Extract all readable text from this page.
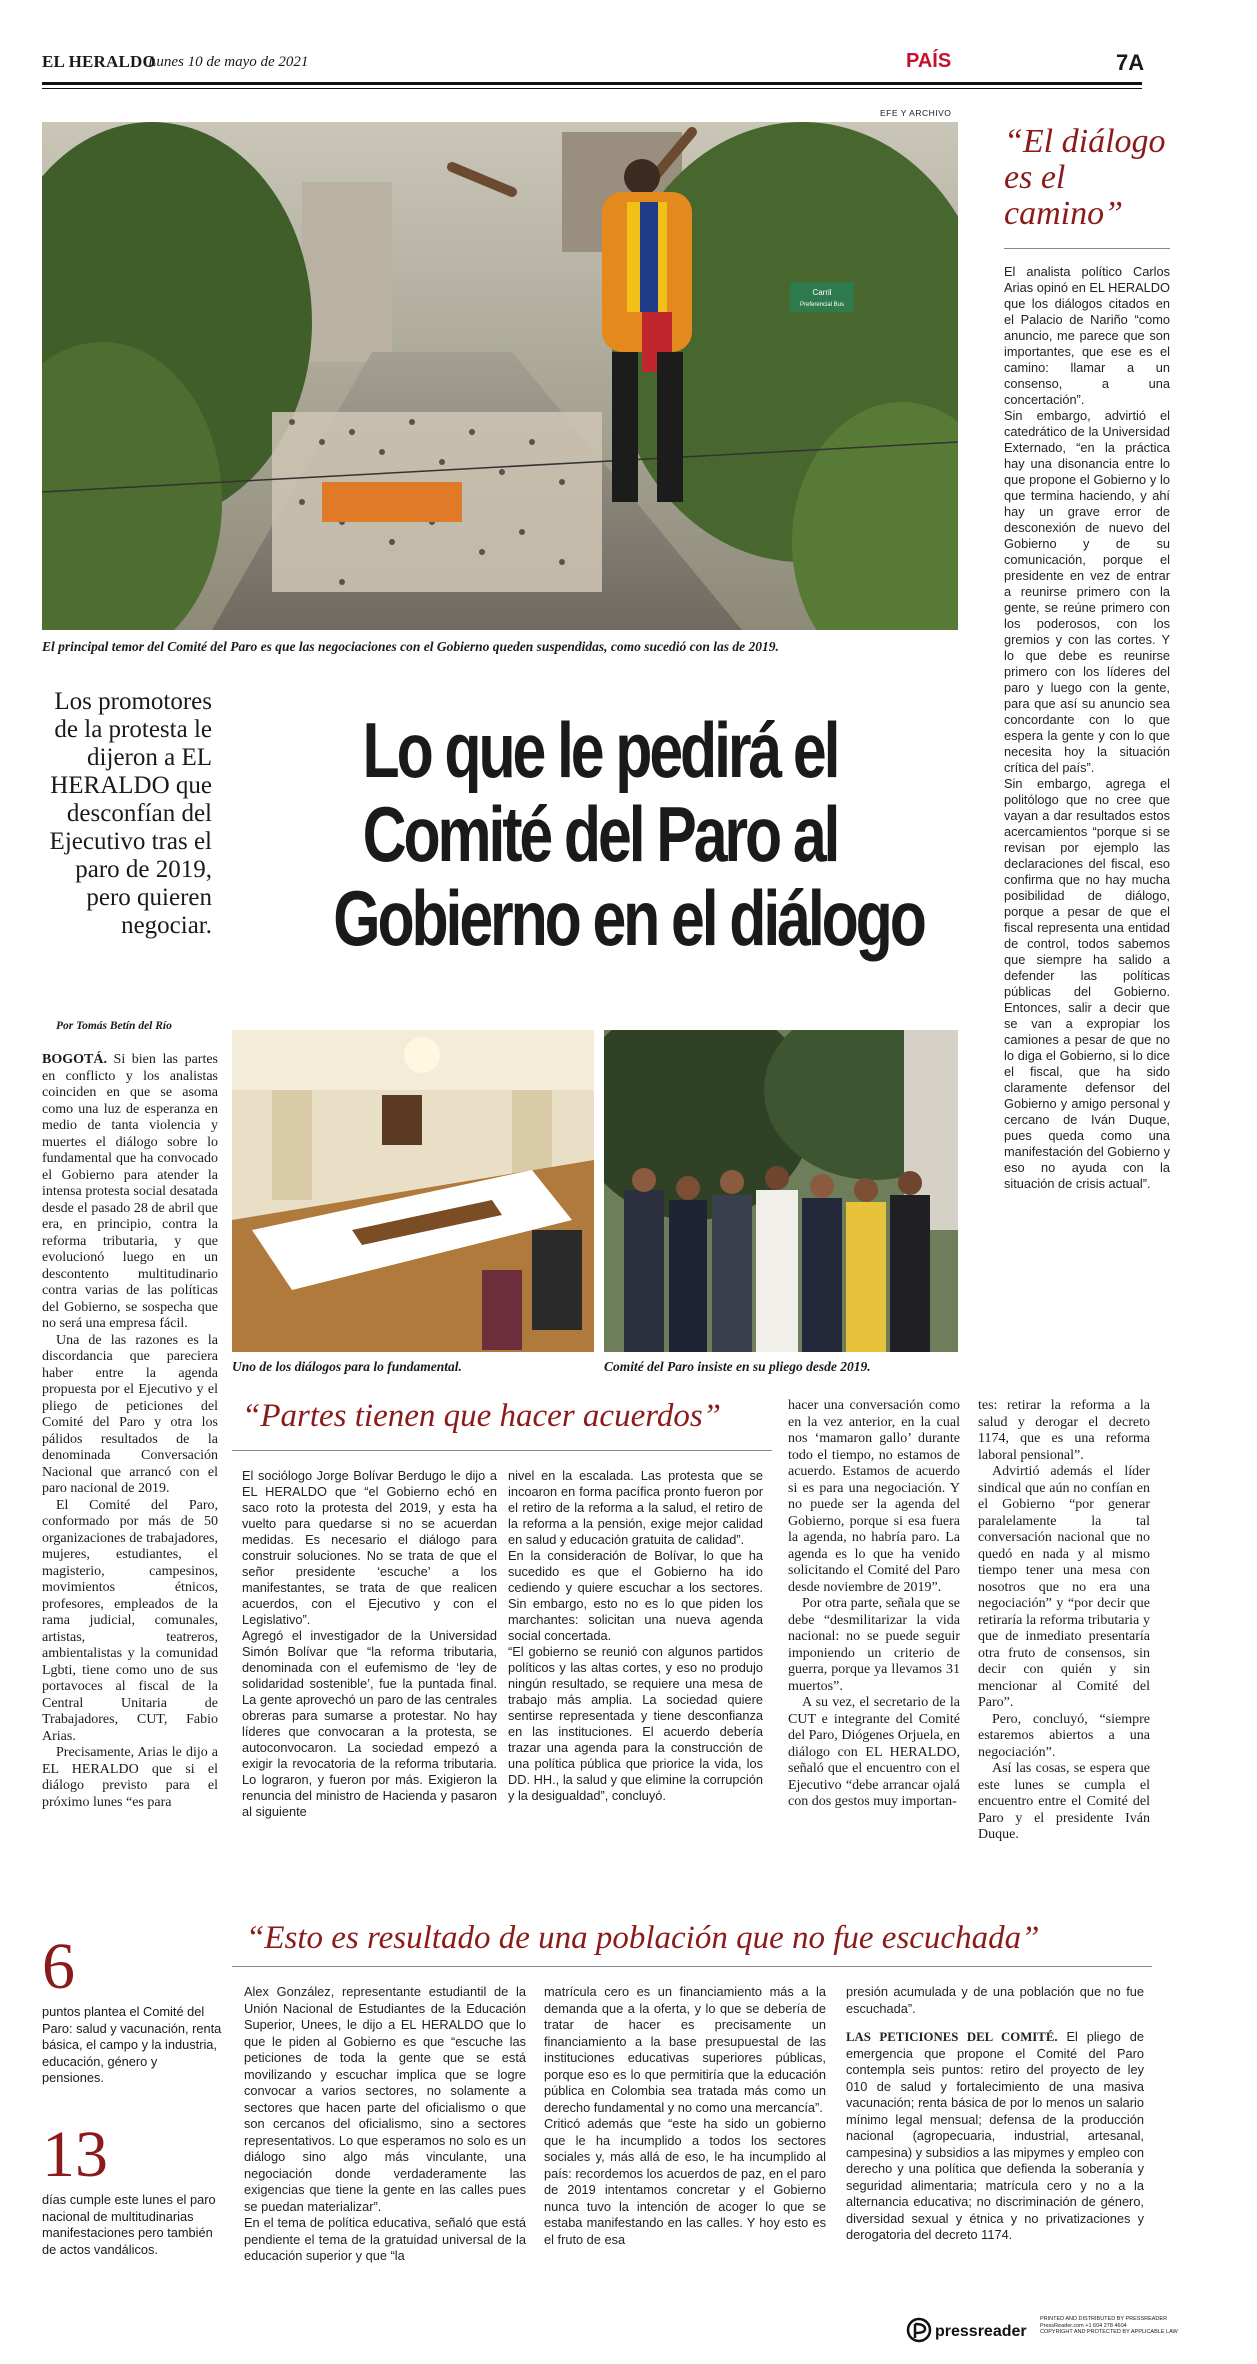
EL HERALDO
Lunes 10 de mayo de 2021	PAÍS	7A
EFE Y ARCHIVO
Carril
Preferencial Bus
El principal temor del Comité del Paro es que las negociaciones con el Gobierno queden suspendidas, como sucedió con las de 2019.
“El diálogo es el camino”
El analista político Carlos Arias opinó en EL HERALDO que los diálogos citados en el Palacio de Nariño “como anuncio, me parece que son importantes, que ese es el camino: llamar a un consenso, a una concertación”.
Sin embargo, advirtió el catedrático de la Universidad Externado, “en la práctica hay una disonancia entre lo que propone el Gobierno y lo que termina haciendo, y ahí hay un grave error de desconexión de nuevo del Gobierno y de su comunicación, porque el presidente en vez de entrar a reunirse primero con la gente, se reúne primero con los poderosos, con los gremios y con las cortes. Y lo que debe es reunirse primero con los líderes del paro y luego con la gente, para que así su anuncio sea concordante con lo que espera la gente y con lo que necesita hoy la situación crítica del país”.
Sin embargo, agrega el politólogo que no cree que vayan a dar resultados estos acercamientos “porque si se revisan por ejemplo las declaraciones del fiscal, eso confirma que no hay mucha posibilidad de diálogo, porque a pesar de que el fiscal representa una entidad de control, todos sabemos que siempre ha salido a defender las políticas públicas del Gobierno. Entonces, salir a decir que se van a expropiar los camiones a pesar de que no lo diga el Gobierno, si lo dice el fiscal, que ha sido claramente defensor del Gobierno y amigo personal y cercano de Iván Duque, pues queda como una manifestación del Gobierno y eso no ayuda con la situación de crisis actual”.
Los promotores de la protesta le dijeron a EL HERALDO que desconfían del Ejecutivo tras el paro de 2019, pero quieren negociar.
Lo que le pedirá el
Comité del Paro al
Gobierno en el diálogo
Por Tomás Betín del Río

BOGOTÁ. Si bien las partes en conflicto y los analistas coinciden en que se asoma como una luz de esperanza en medio de tanta violencia y muertes el diálogo sobre lo fundamental que ha convocado el Gobierno para atender la intensa protesta social desatada desde el pasado 28 de abril que era, en principio, contra la reforma tributaria, y que evolucionó luego en un descontento multitudinario contra varias de las políticas del Gobierno, se sospecha que no será una empresa fácil.

Una de las razones es la discordancia que pareciera haber entre la agenda propuesta por el Ejecutivo y el pliego de peticiones del Comité del Paro y otra los pálidos resultados de la denominada Conversación Nacional que arrancó con el paro nacional de 2019.

El Comité del Paro, conformado por más de 50 organizaciones de trabajadores, mujeres, estudiantes, el magisterio, campesinos, movimientos étnicos, profesores, empleados de la rama judicial, comunales, artistas, teatreros, ambientalistas y la comunidad Lgbti, tiene como uno de sus portavoces al fiscal de la Central Unitaria de Trabajadores, CUT, Fabio Arias.

Precisamente, Arias le dijo a EL HERALDO que si el diálogo previsto para el próximo lunes “es para

Uno de los diálogos para lo fundamental.	Comité del Paro insiste en su pliego desde 2019.
“Partes tienen que hacer acuerdos”
El sociólogo Jorge Bolívar Berdugo le dijo a EL HERALDO que “el Gobierno echó en saco roto la protesta del 2019, y esta ha vuelto para quedarse si no se acuerdan medidas. Es necesario el diálogo para construir soluciones. No se trata de que el señor presidente ‘escuche’ a los manifestantes, se trata de que realicen acuerdos, con el Ejecutivo y con el Legislativo”.
Agregó el investigador de la Universidad Simón Bolívar que “la reforma tributaria, denominada con el eufemismo de ‘ley de solidaridad sostenible’, fue la puntada final. La gente aprovechó un paro de las centrales obreras para sumarse a protestar. No hay líderes que convocaran a la protesta, se autoconvocaron. La sociedad empezó a exigir la revocatoria de la reforma tributaria. Lo lograron, y fueron por más. Exigieron la renuncia del ministro de Hacienda y pasaron al siguiente
nivel en la escalada. Las protesta que se incoaron en forma pacífica pronto fueron por el retiro de la reforma a la salud, el retiro de la reforma a la pensión, exige mejor calidad en salud y educación gratuita de calidad”.
En la consideración de Bolívar, lo que ha sucedido es que el Gobierno ha ido cediendo y quiere escuchar a los sectores. Sin embargo, esto no es lo que piden los marchantes: solicitan una nueva agenda social concertada.
“El gobierno se reunió con algunos partidos políticos y las altas cortes, y eso no produjo ningún resultado, se requiere una mesa de trabajo más amplia. La sociedad quiere sentirse representada y tiene desconfianza en las instituciones. El acuerdo debería trazar una agenda para la construcción de una política pública que priorice la vida, los DD. HH., la salud y que elimine la corrupción y la desigualdad”, concluyó.

hacer una conversación como en la vez anterior, en la cual nos ‘mamaron gallo’ durante todo el tiempo, no estamos de acuerdo. Estamos de acuerdo si es para una negociación. Y no puede ser la agenda del Gobierno, porque si esa fuera la agenda, no habría paro. La agenda es lo que ha venido solicitando el Comité del Paro desde noviembre de 2019”.

Por otra parte, señala que se debe “desmilitarizar la vida nacional: no se puede seguir imponiendo un criterio de guerra, porque ya llevamos 31 muertos”.

A su vez, el secretario de la CUT e integrante del Comité del Paro, Diógenes Orjuela, en diálogo con EL HERALDO, señaló que el encuentro con el Ejecutivo “debe arrancar ojalá con dos gestos muy importan-

tes: retirar la reforma a la salud y derogar el decreto 1174, que es una reforma laboral pensional”.

Advirtió además el líder sindical que aún no confían en el Gobierno “por generar paralelamente la tal conversación nacional que no quedó en nada y al mismo tiempo tener una mesa con nosotros que no era una negociación” y “por decir que retiraría la reforma tributaria y que de inmediato presentaría otra fruto de consensos, sin decir con quién y sin mencionar al Comité del Paro”.

Pero, concluyó, “siempre estaremos abiertos a una negociación”.

Así las cosas, se espera que este lunes se cumpla el encuentro entre el Comité del Paro y el presidente Iván Duque.

“Esto es resultado de una población que no fue escuchada”
6
puntos plantea el Comité del Paro: salud y vacunación, renta básica, el campo y la industria, educación, género y pensiones.
13
días cumple este lunes el paro nacional de multitudinarias manifestaciones pero también de actos vandálicos.
Alex González, representante estudiantil de la Unión Nacional de Estudiantes de la Educación Superior, Unees, le dijo a EL HERALDO que lo que le piden al Gobierno es que “escuche las peticiones de toda la gente que se está movilizando y escuchar implica que se logre convocar a varios sectores, no solamente a sectores que hacen parte del oficialismo o que son cercanos del oficialismo, sino a sectores representativos. Lo que esperamos no solo es un diálogo sino algo más vinculante, una negociación donde verdaderamente las exigencias que tiene la gente en las calles pues se puedan materializar”.
En el tema de política educativa, señaló que está pendiente el tema de la gratuidad universal de la educación superior y que “la
matrícula cero es un financiamiento más a la demanda que a la oferta, y lo que se debería de tratar de hacer es precisamente un financiamiento a la base presupuestal de las instituciones educativas superiores públicas, porque eso es lo que permitiría que la educación pública en Colombia sea tratada más como un derecho fundamental y no como una mercancía”.
Criticó además que “este ha sido un gobierno que le ha incumplido a todos los sectores sociales y, más allá de eso, le ha incumplido al país: recordemos los acuerdos de paz, en el paro de 2019 intentamos concretar y el Gobierno nunca tuvo la intención de acoger lo que se estaba manifestando en las calles. Y hoy esto es el fruto de esa
presión acumulada y de una población que no fue escuchada”.
LAS PETICIONES DEL COMITÉ. El pliego de emergencia que propone el Comité del Paro contempla seis puntos: retiro del proyecto de ley 010 de salud y fortalecimiento de una masiva vacunación; renta básica de por lo menos un salario mínimo legal mensual; defensa de la producción nacional (agropecuaria, industrial, artesanal, campesina) y subsidios a las mipymes y empleo con derecho y una política que defienda la soberanía y seguridad alimentaria; matrícula cero y no a la alternancia educativa; no discriminación de género, diversidad sexual y étnica y no privatizaciones y derogatoria del decreto 1174.
pressreader
PRINTED AND DISTRIBUTED BY PRESSREADER
PressReader.com +1 604 278 4604
COPYRIGHT AND PROTECTED BY APPLICABLE LAW
